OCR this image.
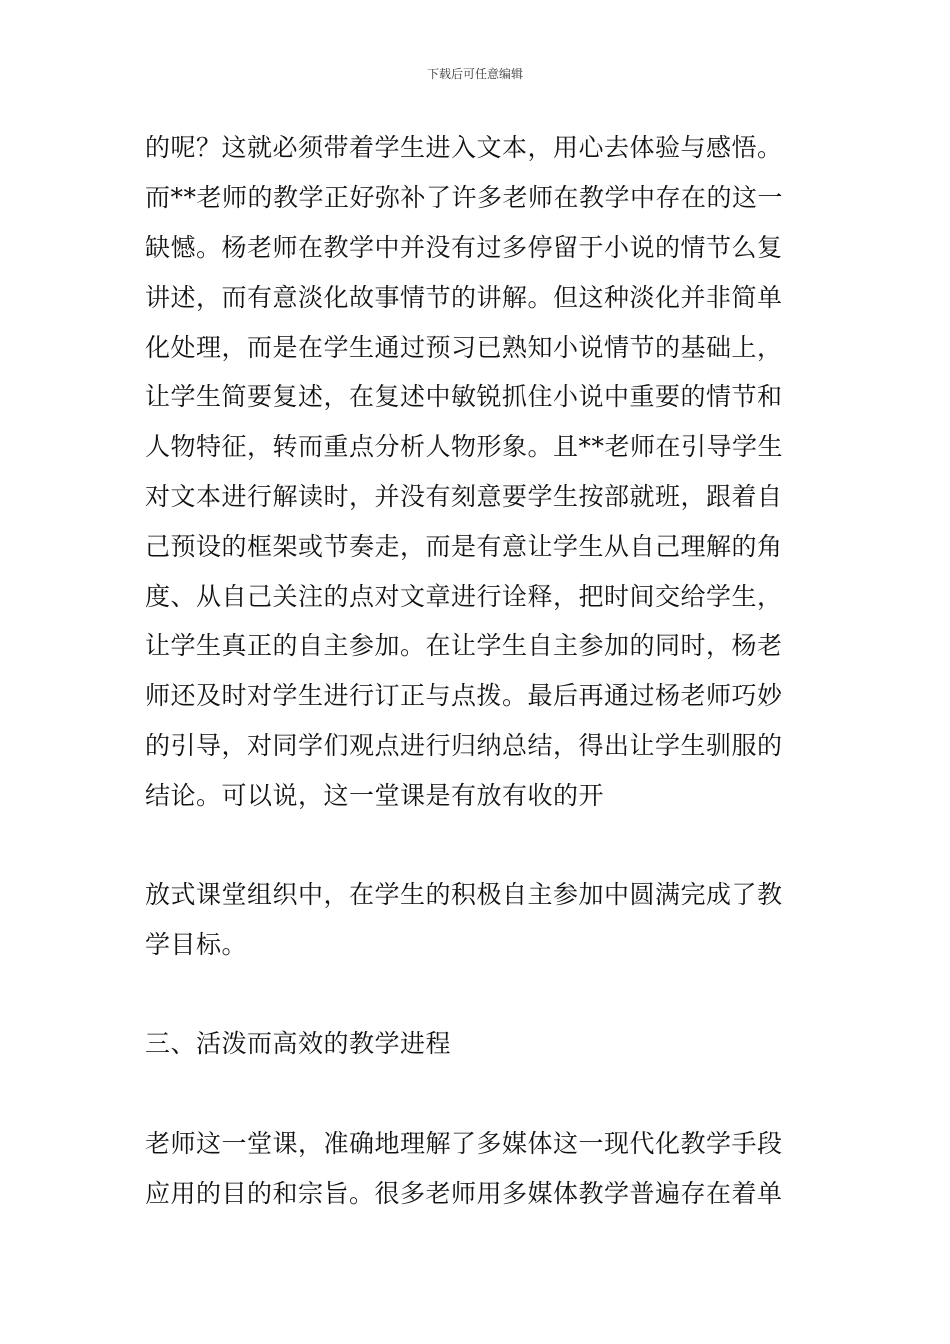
下载后可任意编辑
的呢？这就必须带着学生进入文本，用心去体验与感悟。
而**老师的教学正好弥补了许多老师在教学中存在的这一
缺憾。杨老师在教学中并没有过多停留于小说的情节么复
讲述，而有意淡化故事情节的讲解。但这种淡化并非简单
化处理，而是在学生通过预习已熟知小说情节的基础上，
让学生简要复述，在复述中敏锐抓住小说中重要的情节和
人物特征，转而重点分析人物形象。且**老师在引导学生
对文本进行解读时，并没有刻意要学生按部就班，跟着自
己预设的框架或节奏走，而是有意让学生从自己理解的角
度、从自己关注的点对文章进行诠释，把时间交给学生，
让学生真正的自主参加。在让学生自主参加的同时，杨老
师还及时对学生进行订正与点拨。最后再通过杨老师巧妙
的引导，对同学们观点进行归纳总结，得出让学生驯服的
结论。可以说，这一堂课是有放有收的开
放式课堂组织中，在学生的积极自主参加中圆满完成了教
学目标。
三、活泼而高效的教学进程
老师这一堂课，准确地理解了多媒体这一现代化教学手段
应用的目的和宗旨。很多老师用多媒体教学普遍存在着单
